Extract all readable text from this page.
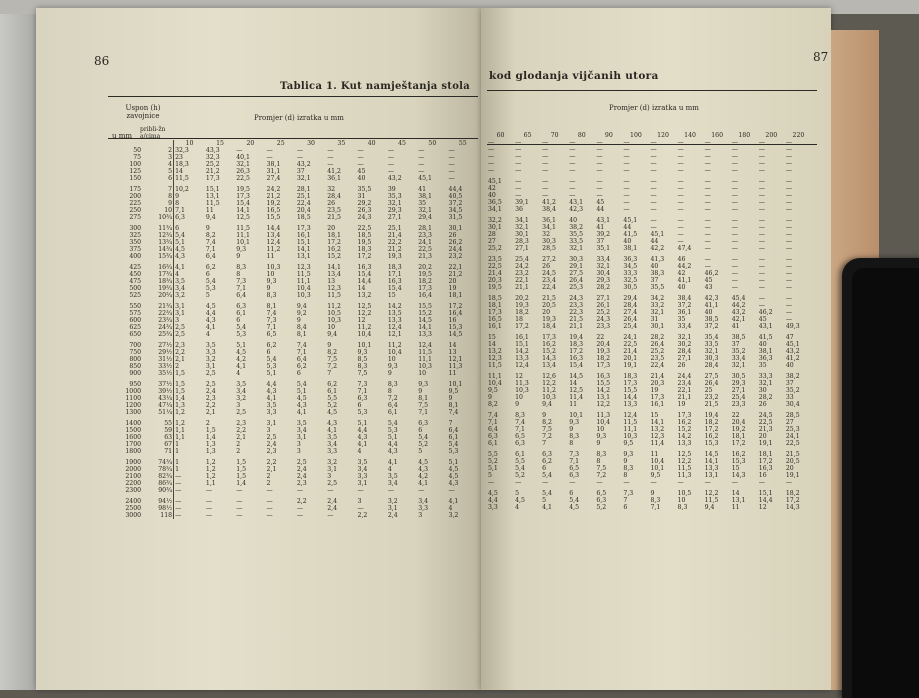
86
Tablica 1. Kut namještanja stola
Uspon (h) zavojnice
u mm
pribli-žn a/cima
Promjer (d) izratka u mm
		10	15	20	25	30	35	40	45	50	55
50	2	32,3	43,3	—	—	—	—	—	—	—	—
75	3	23	32,3	40,1	—	—	—	—	—	—	—
100	4	18,3	25,2	32,1	38,1	43,2	—	—	—	—	—
125	5	14	21,2	26,3	31,1	37	41,2	45	—	—	—
150	6	11,5	17,3	22,5	27,4	32,1	36,1	40	43,2	45,1	—
175	7	10,2	15,1	19,5	24,2	28,1	32	35,5	39	41	44,4
200	8	9	13,1	17,3	21,2	25,1	28,4	31	35,3	38,1	40,5
225	9	8	11,5	15,4	19,2	22,4	26	29,2	32,1	35	37,2
250	10	7,1	11	14,1	16,5	20,4	23,5	26,3	29,3	32,1	34,5
275	10¾	6,3	9,4	12,5	15,5	18,5	21,5	24,3	27,1	29,4	31,5
300	11¾	6	9	11,5	14,4	17,3	20	22,5	25,1	28,1	30,1
325	12¾	5,4	8,2	11,1	13,4	16,1	18,1	18,5	21,4	23,3	26
350	13¾	5,1	7,4	10,1	12,4	15,1	17,2	19,5	22,2	24,1	26,2
375	14¾	4,5	7,1	9,3	11,2	14,1	16,2	18,3	21,2	22,5	24,4
400	15¾	4,3	6,4	9	11	13,1	15,2	17,2	19,3	21,3	23,2
425	16¾	4,1	6,2	8,3	10,3	12,3	14,1	16,3	18,3	20,2	22,1
450	17¾	4	6	8	10	11,5	13,4	15,4	17,1	19,5	21,2
475	18¾	3,5	5,4	7,3	9,3	11,1	13	14,4	16,3	18,2	20
500	19¾	3,4	5,3	7,1	9	10,4	12,3	14	15,4	17,3	19
525	20¾	3,2	5	6,4	8,3	10,3	11,5	13,2	15	16,4	18,1
550	21¾	3,1	4,5	6,3	8,1	9,4	11,2	12,5	14,2	15,5	17,2
575	22¾	3,1	4,4	6,1	7,4	9,2	10,5	12,2	13,5	15,2	16,4
600	23¾	3	4,3	6	7,3	9	10,3	12	13,3	14,5	16
625	24¾	2,5	4,1	5,4	7,1	8,4	10	11,2	12,4	14,1	15,3
650	25¾	2,5	4	5,3	6,5	8,1	9,4	10,4	12,1	13,3	14,5
700	27½	2,3	3,5	5,1	6,2	7,4	9	10,1	11,2	12,4	14
750	29½	2,2	3,3	4,5	6	7,1	8,2	9,3	10,4	11,5	13
800	31½	2,1	3,2	4,2	5,4	6,4	7,5	8,5	10	11,1	12,1
850	33½	2	3,1	4,1	5,3	6,2	7,2	8,3	9,3	10,3	11,3
900	35½	1,5	2,5	4	5,1	6	7	7,5	9	10	11
950	37½	1,5	2,5	3,5	4,4	5,4	6,2	7,3	8,3	9,3	10,1
1000	39½	1,5	2,4	3,4	4,3	5,1	6,1	7,1	8	9	9,5
1100	43¼	1,4	2,3	3,2	4,1	4,5	5,5	6,3	7,2	8,1	9
1200	47¼	1,3	2,2	3	3,5	4,3	5,2	6	6,4	7,5	8,1
1300	51¼	1,2	2,1	2,5	3,3	4,1	4,5	5,3	6,1	7,1	7,4
1400	55	1,2	2	2,3	3,1	3,5	4,3	5,1	5,4	6,3	7
1500	59	1,1	1,5	2,2	3	3,4	4,1	4,4	5,3	6	6,4
1600	63	1,1	1,4	2,1	2,5	3,1	3,5	4,3	5,1	5,4	6,1
1700	67	1	1,3	2	2,4	3	3,4	4,1	4,4	5,2	5,4
1800	71	1	1,3	2	2,3	3	3,3	4	4,3	5	5,3
1900	74¾	1	1,2	1,5	2,2	2,5	3,2	3,5	4,1	4,5	5,1
2000	78¾	1	1,2	1,5	2,1	2,4	3,1	3,4	4	4,3	4,5
2100	82¾	—	1,2	1,5	2	2,4	3	3,3	3,5	4,2	4,5
2200	86¾	—	1,1	1,4	2	2,3	2,5	3,1	3,4	4,1	4,3
2300	90¾	—	—	—	—	—	—	—	—	—	—
2400	94½	—	—	—	—	2,2	2,4	3	3,2	3,4	4,1
2500	98½	—	—	—	—	—	2,4	—	3,1	3,3	4
3000	118	—	—	—	—	—	—	2,2	2,4	3	3,2
87
kod glodanja vijčanih utora
Promjer (d) izratka u mm
60	65	70	80	90	100	120	140	160	180	200	220
—	—	—	—	—	—	—	—	—	—	—	—
—	—	—	—	—	—	—	—	—	—	—	—
—	—	—	—	—	—	—	—	—	—	—	—
—	—	—	—	—	—	—	—	—	—	—	—
—	—	—	—	—	—	—	—	—	—	—	—
45,1	—	—	—	—	—	—	—	—	—	—	—
42	—	—	—	—	—	—	—	—	—	—	—
40	—	—	—	—	—	—	—	—	—	—	—
36,5	39,1	41,2	43,1	45	—	—	—	—	—	—	—
34,1	36	38,4	42,3	44	—	—	—	—	—	—	—
32,2	34,1	36,1	40	43,1	45,1	—	—	—	—	—	—
30,1	32,1	34,1	38,2	41	44	—	—	—	—	—	—
28	30,1	32	35,5	39,2	41,5	45,1	—	—	—	—	—
27	28,3	30,3	33,5	37	40	44	—	—	—	—	—
25,2	27,1	28,5	32,1	35,1	38,1	42,2	47,4	—	—	—	—
23,5	25,4	27,2	30,3	33,4	36,3	41,3	46	—	—	—	—
22,5	24,2	26	29,1	32,1	34,5	40	44,2	—	—	—	—
21,4	23,2	24,5	27,5	30,4	33,3	38,3	42	46,2	—	—	—
20,3	22,1	23,4	26,4	29,3	32,5	37	41,1	45	—	—	—
19,5	21,1	22,4	25,3	28,2	30,5	35,5	40	43	—	—	—
18,5	20,2	21,5	24,3	27,1	29,4	34,2	38,4	42,3	45,4	—	—
18,1	19,3	20,5	23,3	26,1	28,4	33,2	37,2	41,1	44,2	—	—
17,3	18,2	20	22,3	25,2	27,4	32,1	36,1	40	43,2	46,2	—
16,5	18	19,3	21,5	24,3	26,4	31	35	38,5	42,1	45	—
16,1	17,2	18,4	21,1	23,3	25,4	30,1	33,4	37,2	41	43,1	49,3
15	16,1	17,3	19,4	22	24,1	28,2	32,1	35,4	38,5	41,5	47
14	15,1	16,2	18,3	20,4	22,5	26,4	30,2	33,5	37	40	45,1
13,2	14,2	15,2	17,2	19,3	21,4	25,2	28,4	32,1	35,2	38,1	43,2
12,3	13,3	14,3	16,3	18,2	20,1	23,5	27,1	30,3	33,4	36,3	41,2
11,5	12,4	13,4	15,4	17,3	19,1	22,4	26	28,4	32,1	35	40
11,1	12	12,6	14,5	16,3	18,3	21,4	24,4	27,5	30,5	33,3	38,2
10,4	11,3	12,2	14	15,5	17,3	20,3	23,4	26,4	29,3	32,1	37
9,5	10,3	11,2	12,5	14,2	15,5	19	22,1	25	27,1	30	35,2
9	10	10,3	11,4	13,1	14,4	17,3	21,1	23,2	25,4	28,2	33
8,2	9	9,4	11	12,2	13,3	16,1	19	21,5	23,3	26	30,4
7,4	8,3	9	10,1	11,3	12,4	15	17,3	19,4	22	24,5	28,5
7,1	7,4	8,2	9,3	10,4	11,5	14,1	16,2	18,2	20,4	22,5	27
6,4	7,1	7,5	9	10	11,1	13,2	15,2	17,2	19,2	21,3	25,3
6,3	6,5	7,2	8,3	9,3	10,3	12,3	14,2	16,2	18,1	20	24,1
6,1	6,3	7	8	9	9,5	11,4	13,3	15,3	17,2	19,1	22,5
5,5	6,1	6,3	7,3	8,3	9,3	11	12,5	14,5	16,2	18,1	21,5
5,2	5,5	6,2	7,1	8	9	10,4	12,2	14,1	15,3	17,2	20,5
5,1	5,4	6	6,5	7,5	8,3	10,1	11,5	13,3	15	16,3	20
5	5,2	5,4	6,3	7,2	8	9,5	11,3	13,1	14,3	16	19,1
—	—	—	—	—	—	—	—	—	—	—	—
4,5	5	5,4	6	6,5	7,3	9	10,5	12,2	14	15,1	18,2
4,4	4,5	5	5,4	6,3	7	8,3	10	11,5	13,1	14,4	17,2
3,3	4	4,1	4,5	5,2	6	7,1	8,3	9,4	11	12	14,3
